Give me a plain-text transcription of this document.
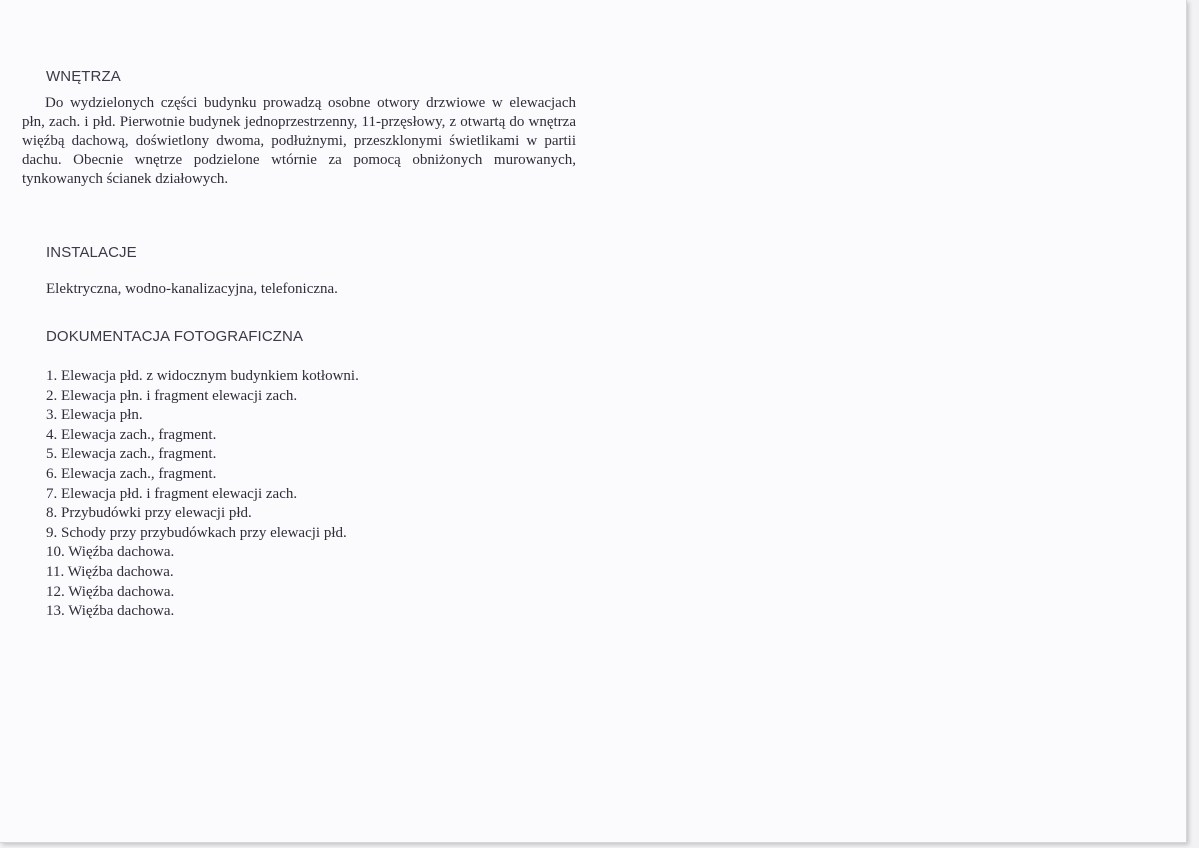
WNĘTRZA

Do wydzielonych części budynku prowadzą osobne otwory drzwiowe w elewacjach płn, zach. i płd. Pierwotnie budynek jednoprzestrzenny, 11-przęsłowy, z otwartą do wnętrza więźbą dachową, doświetlony dwoma, podłużnymi, przeszklonymi świetlikami w partii dachu. Obecnie wnętrze podzielone wtórnie za pomocą obniżonych murowanych, tynkowanych ścianek działowych.

INSTALACJE

Elektryczna, wodno-kanalizacyjna, telefoniczna.

DOKUMENTACJA FOTOGRAFICZNA
1. Elewacja płd. z widocznym budynkiem kotłowni.
2. Elewacja płn. i fragment elewacji zach.
3. Elewacja płn.
4. Elewacja zach., fragment.
5. Elewacja zach., fragment.
6. Elewacja zach., fragment.
7. Elewacja płd. i fragment elewacji zach.
8. Przybudówki przy elewacji płd.
9. Schody przy przybudówkach przy elewacji płd.
10. Więźba dachowa.
11. Więźba dachowa.
12. Więźba dachowa.
13. Więźba dachowa.
